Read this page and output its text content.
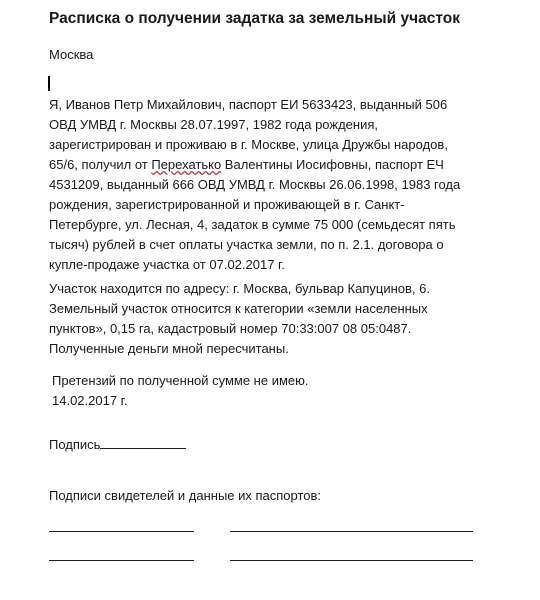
Расписка о получении задатка за земельный участок
Москва
Я, Иванов Петр Михайлович, паспорт ЕИ 5633423, выданный 506
ОВД УМВД г. Москвы 28.07.1997, 1982 года рождения,
зарегистрирован и проживаю в г. Москве, улица Дружбы народов,
65/6, получил от Перехатько Валентины Иосифовны, паспорт ЕЧ
4531209, выданный 666 ОВД УМВД г. Москвы 26.06.1998, 1983 года
рождения, зарегистрированной и проживающей в г. Санкт-
Петербурге, ул. Лесная, 4, задаток в сумме 75 000 (семьдесят пять
тысяч) рублей в счет оплаты участка земли, по п. 2.1. договора о
купле-продаже участка от 07.02.2017 г.
Участок находится по адресу: г. Москва, бульвар Капуцинов, 6.
Земельный участок относится к категории «земли населенных
пунктов», 0,15 га, кадастровый номер 70:33:007 08 05:0487.
Полученные деньги мной пересчитаны.
Претензий по полученной сумме не имею.
14.02.2017 г.
Подпись
Подписи свидетелей и данные их паспортов:
